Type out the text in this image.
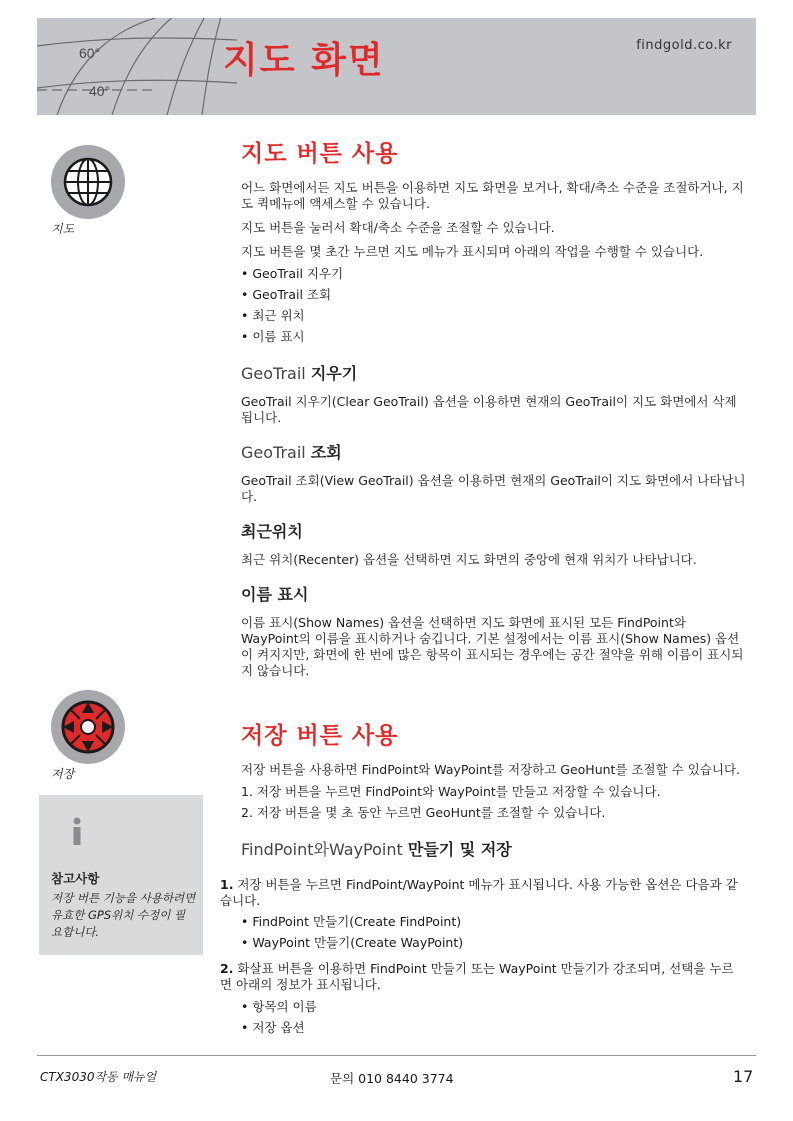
60°
40°
지도 화면	findgold.co.kr
지도
저장
참고사항
저장 버튼 기능을 사용하려면 유효한 GPS위치 수정이 필요합니다.
지도 버튼 사용

어느 화면에서든 지도 버튼을 이용하면 지도 화면을 보거나, 확대/축소 수준을 조절하거나, 지도 퀵메뉴에 액세스할 수 있습니다.

지도 버튼을 눌러서 확대/축소 수준을 조절할 수 있습니다.

지도 버튼을 몇 초간 누르면 지도 메뉴가 표시되며 아래의 작업을 수행할 수 있습니다.

• GeoTrail 지우기
• GeoTrail 조회
• 최근 위치
• 이름 표시
GeoTrail 지우기

GeoTrail 지우기(Clear GeoTrail) 옵션을 이용하면 현재의 GeoTrail이 지도 화면에서 삭제됩니다.

GeoTrail 조회

GeoTrail 조회(View GeoTrail) 옵션을 이용하면 현재의 GeoTrail이 지도 화면에서 나타납니다.

최근위치

최근 위치(Recenter) 옵션을 선택하면 지도 화면의 중앙에 현재 위치가 나타납니다.

이름 표시

이름 표시(Show Names) 옵션을 선택하면 지도 화면에 표시된 모든 FindPoint와 WayPoint의 이름을 표시하거나 숨깁니다. 기본 설정에서는 이름 표시(Show Names) 옵션이 켜지지만, 화면에 한 번에 많은 항목이 표시되는 경우에는 공간 절약을 위해 이름이 표시되지 않습니다.

저장 버튼 사용

저장 버튼을 사용하면 FindPoint와 WayPoint를 저장하고 GeoHunt를 조절할 수 있습니다.

1. 저장 버튼을 누르면 FindPoint와 WayPoint를 만들고 저장할 수 있습니다.

2. 저장 버튼을 몇 초 동안 누르면 GeoHunt를 조절할 수 있습니다.

FindPoint와WayPoint 만들기 및 저장
1. 저장 버튼을 누르면 FindPoint/WayPoint 메뉴가 표시됩니다. 사용 가능한 옵션은 다음과 같습니다.
• FindPoint 만들기(Create FindPoint)
• WayPoint 만들기(Create WayPoint)
2. 화살표 버튼을 이용하면 FindPoint 만들기 또는 WayPoint 만들기가 강조되며, 선택을 누르면 아래의 정보가 표시됩니다.
• 항목의 이름
• 저장 옵션
CTX3030작동 매뉴얼	문의 010 8440 3774	17
